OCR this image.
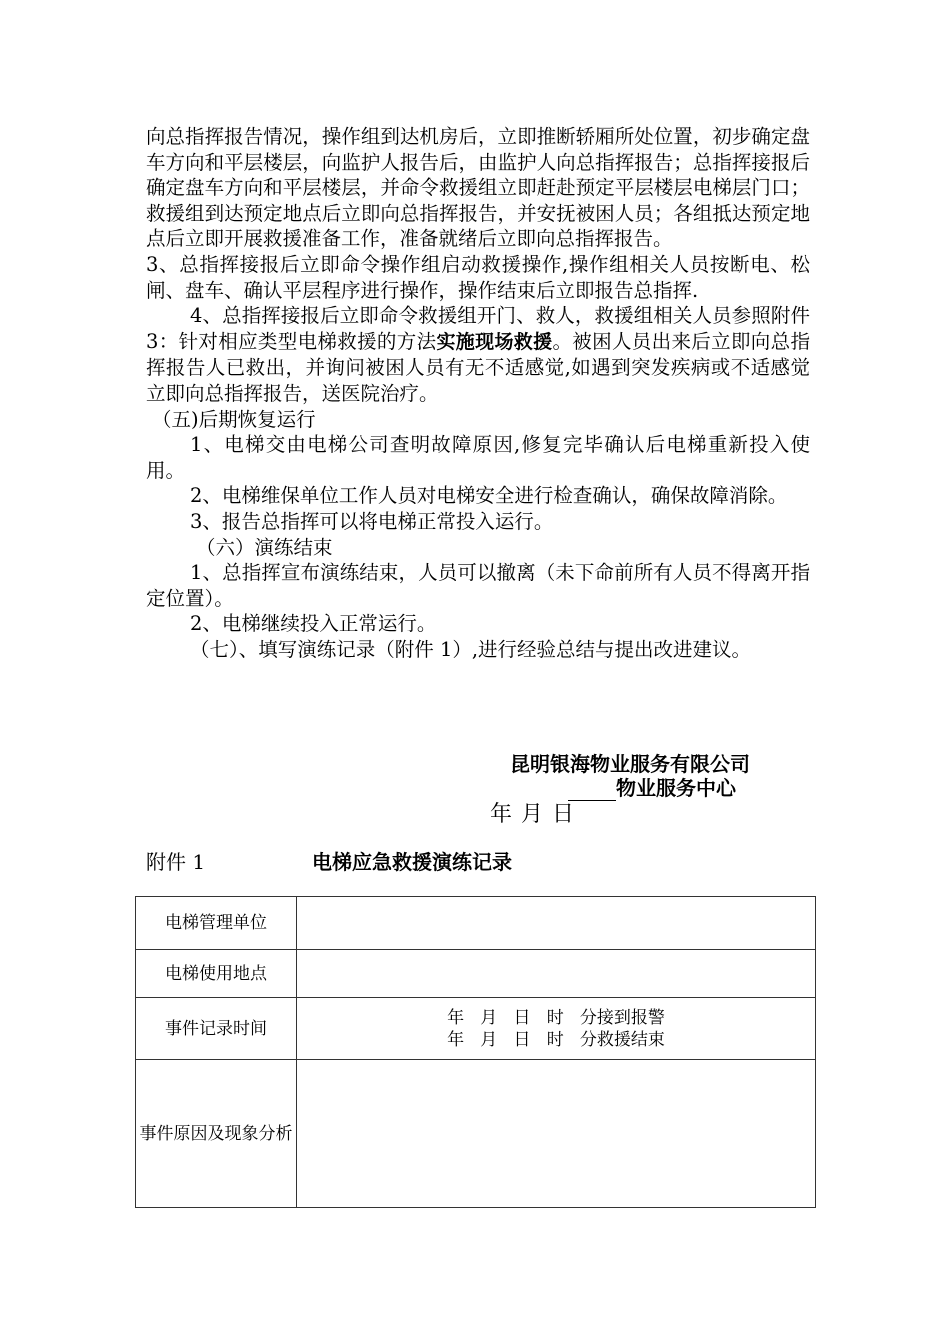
向总指挥报告情况，操作组到达机房后，立即推断轿厢所处位置，初步确定盘车方向和平层楼层，向监护人报告后，由监护人向总指挥报告；总指挥接报后确定盘车方向和平层楼层，并命令救援组立即赶赴预定平层楼层电梯层门口；救援组到达预定地点后立即向总指挥报告，并安抚被困人员；各组抵达预定地点后立即开展救援准备工作，准备就绪后立即向总指挥报告。

3、总指挥接报后立即命令操作组启动救援操作,操作组相关人员按断电、松闸、盘车、确认平层程序进行操作，操作结束后立即报告总指挥.

4、总指挥接报后立即命令救援组开门、救人，救援组相关人员参照附件 3：针对相应类型电梯救援的方法实施现场救援。被困人员出来后立即向总指挥报告人已救出，并询问被困人员有无不适感觉,如遇到突发疾病或不适感觉立即向总指挥报告，送医院治疗。

（五)后期恢复运行

1、电梯交由电梯公司查明故障原因,修复完毕确认后电梯重新投入使用。

2、电梯维保单位工作人员对电梯安全进行检查确认，确保故障消除。

3、报告总指挥可以将电梯正常投入运行。

（六）演练结束

1、总指挥宣布演练结束，人员可以撤离（未下命前所有人员不得离开指定位置）。

2、电梯继续投入正常运行。

（七）、填写演练记录（附件 1）,进行经验总结与提出改进建议。

昆明银海物业服务有限公司
物业服务中心
年 月 日
附件 1	电梯应急救援演练记录
电梯管理单位	
电梯使用地点	
事件记录时间	年   月   日   时   分接到报警
年   月   日   时   分救援结束

事件原因及现象分析	
